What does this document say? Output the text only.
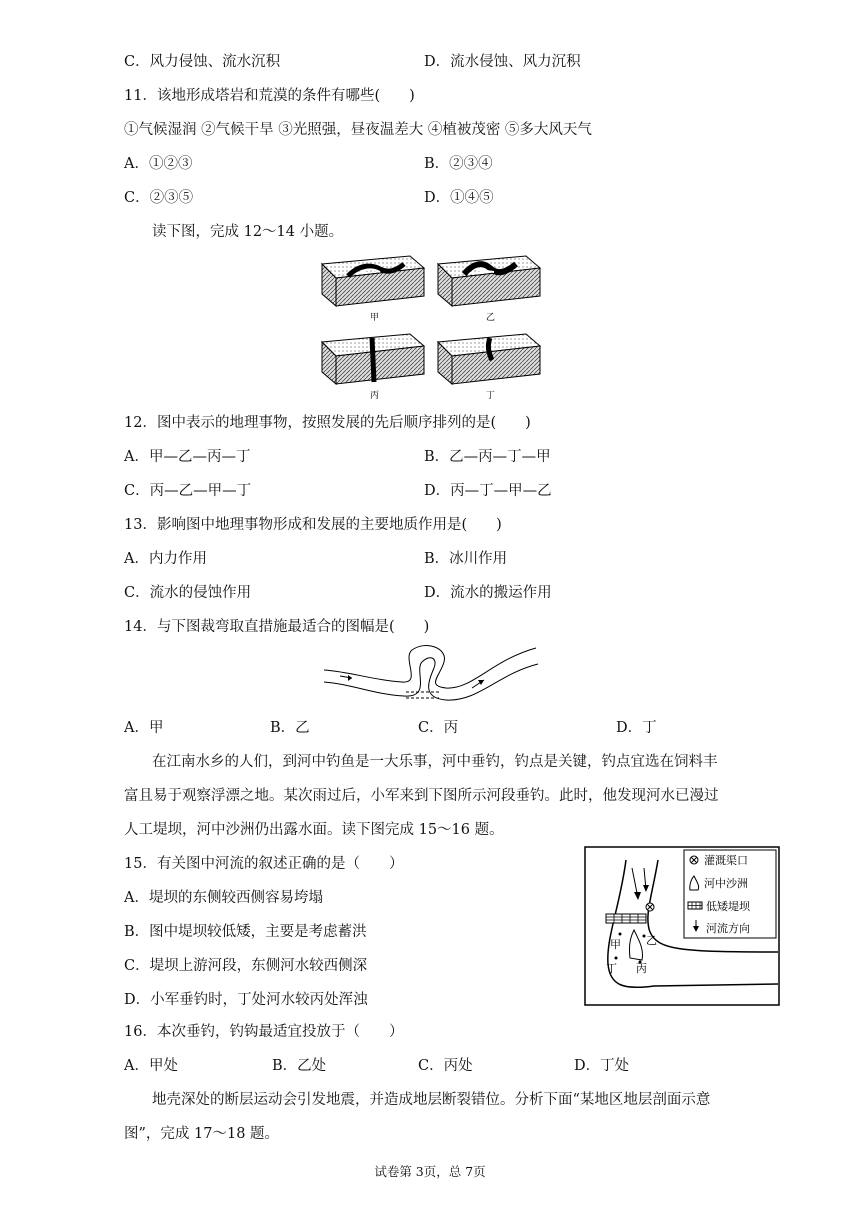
C．风力侵蚀、流水沉积	D．流水侵蚀、风力沉积
11．该地形成塔岩和荒漠的条件有哪些(　　)
①气候湿润 ②气候干旱 ③光照强，昼夜温差大 ④植被茂密 ⑤多大风天气
A．①②③	B．②③④
C．②③⑤	D．①④⑤
读下图，完成 12～14 小题。
甲	乙
丙	丁
12．图中表示的地理事物，按照发展的先后顺序排列的是(　　)
A．甲—乙—丙—丁	B．乙—丙—丁—甲
C．丙—乙—甲—丁	D．丙—丁—甲—乙
13．影响图中地理事物形成和发展的主要地质作用是(　　)
A．内力作用	B．冰川作用
C．流水的侵蚀作用	D．流水的搬运作用
14．与下图裁弯取直措施最适合的图幅是(　　)
A．甲	B．乙	C．丙	D．丁
在江南水乡的人们，到河中钓鱼是一大乐事，河中垂钓，钓点是关键，钓点宜选在饲料丰
富且易于观察浮漂之地。某次雨过后，小军来到下图所示河段垂钓。此时，他发现河水已漫过
人工堤坝，河中沙洲仍出露水面。读下图完成 15～16 题。
15．有关图中河流的叙述正确的是（　　）
A．堤坝的东侧较西侧容易垮塌
B．图中堤坝较低矮，主要是考虑蓄洪
C．堤坝上游河段，东侧河水较西侧深
D．小军垂钓时，丁处河水较丙处浑浊
甲 乙
丁 丙
灌溉渠口
河中沙洲
低矮堤坝
河流方向
16．本次垂钓，钓钩最适宜投放于（　　）
A．甲处	B．乙处	C．丙处	D．丁处
地壳深处的断层运动会引发地震，并造成地层断裂错位。分析下面“某地区地层剖面示意
图”，完成 17～18 题。
试卷第 3页，总 7页
